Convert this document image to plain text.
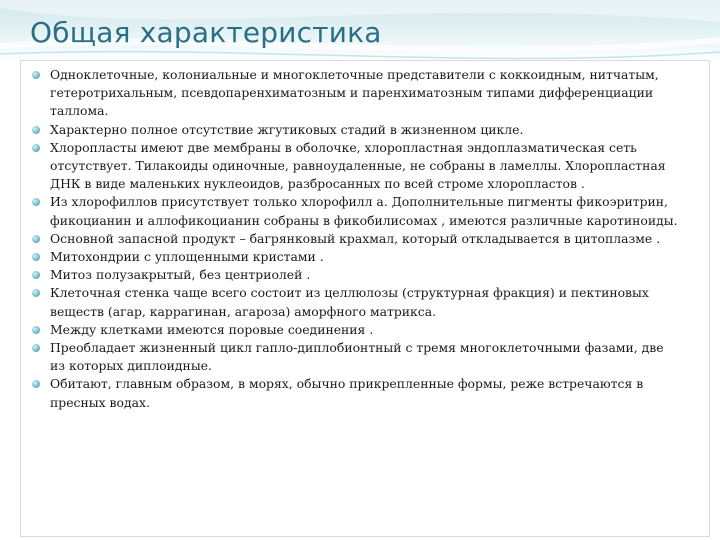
Общая характеристика
Одноклеточные, колониальные и многоклеточные представители с коккоидным, нитчатым, гетеротрихальным, псевдопаренхиматозным и паренхиматозным типами дифференциации таллома.
Характерно полное отсутствие жгутиковых стадий в жизненном цикле.
Хлоропласты имеют две мембраны в оболочке, хлоропластная эндоплазматическая сеть отсутствует. Тилакоиды одиночные, равноудаленные, не собраны в ламеллы. Хлоропластная ДНК в виде маленьких нуклеоидов, разбросанных по всей строме хлоропластов .
Из хлорофиллов присутствует только хлорофилл а. Дополнительные пигменты фикоэритрин, фикоцианин и аллофикоцианин собраны в фикобилисомах , имеются различные каротиноиды.
Основной запасной продукт – багрянковый крахмал, который откладывается в цитоплазме .
Митохондрии с уплощенными кристами .
Митоз полузакрытый, без центриолей .
Клеточная стенка чаще всего состоит из целлюлозы (структурная фракция) и пектиновых веществ (агар, каррагинан, агароза) аморфного матрикса.
Между клетками имеются поровые соединения .
Преобладает жизненный цикл гапло-диплобионтный с тремя многоклеточными фазами, две из которых диплоидные.
Обитают, главным образом, в морях, обычно прикрепленные формы, реже встречаются в пресных водах.
